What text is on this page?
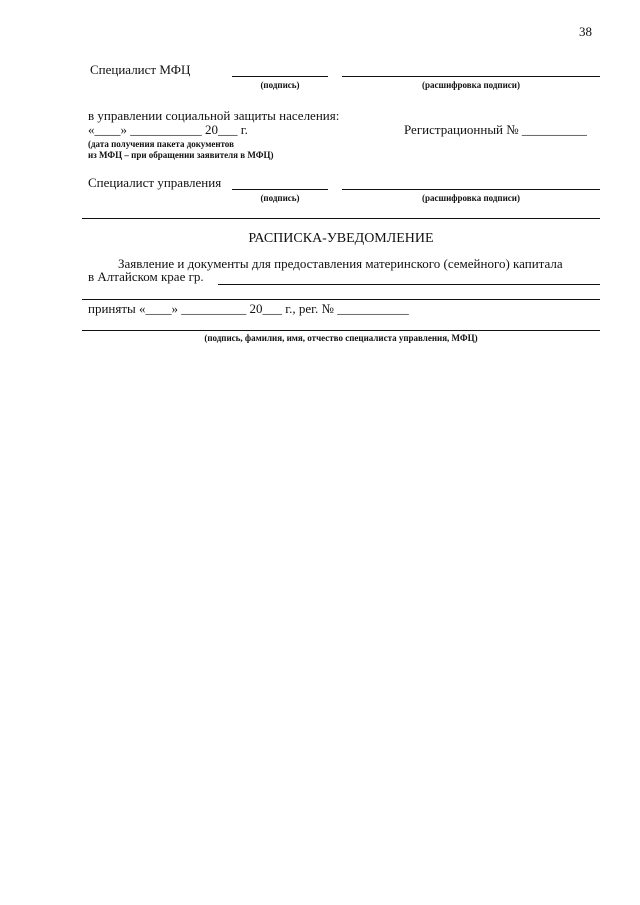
38
Специалист МФЦ
(подпись)	(расшифровка подписи)
в управлении социальной защиты населения:
«____» ___________ 20___ г.
(дата получения пакета документов
из МФЦ – при обращении заявителя в МФЦ)
Регистрационный № __________
Специалист управления
(подпись)	(расшифровка подписи)
РАСПИСКА-УВЕДОМЛЕНИЕ
Заявление и документы для предоставления материнского (семейного) капитала
в Алтайском крае гр.
приняты «____» __________ 20___ г., рег. № ___________
(подпись, фамилия, имя, отчество специалиста управления, МФЦ)
